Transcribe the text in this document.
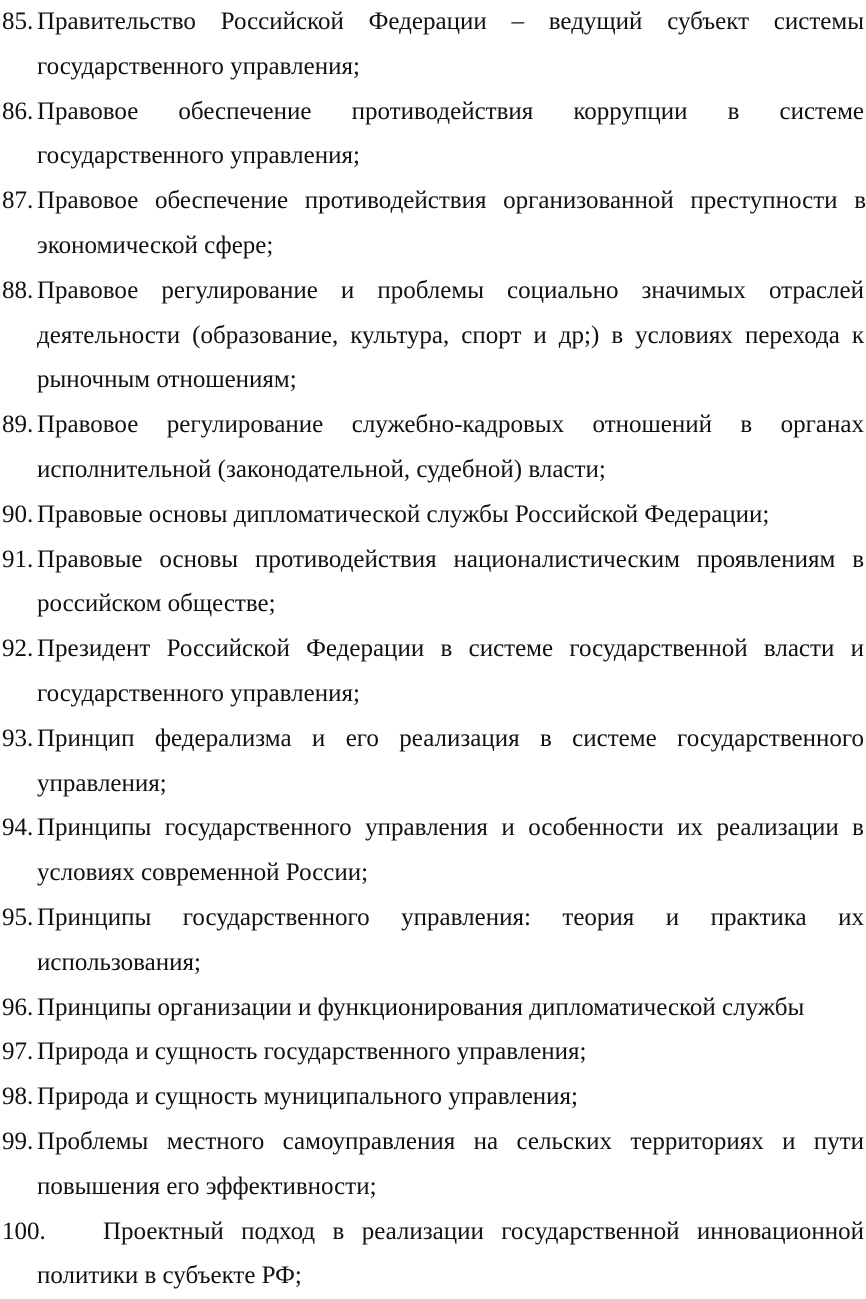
85. Правительство Российской Федерации – ведущий субъект системы государственного управления;
86. Правовое обеспечение противодействия коррупции в системе государственного управления;
87. Правовое обеспечение противодействия организованной преступности в экономической сфере;
88. Правовое регулирование и проблемы социально значимых отраслей деятельности (образование, культура, спорт и др;) в условиях перехода к рыночным отношениям;
89. Правовое регулирование служебно-кадровых отношений в органах исполнительной (законодательной, судебной) власти;
90. Правовые основы дипломатической службы Российской Федерации;
91. Правовые основы противодействия националистическим проявлениям в российском обществе;
92. Президент Российской Федерации в системе государственной власти и государственного управления;
93. Принцип федерализма и его реализация в системе государственного управления;
94. Принципы государственного управления и особенности их реализации в условиях современной России;
95. Принципы государственного управления: теория и практика их использования;
96. Принципы организации и функционирования дипломатической службы
97. Природа и сущность государственного управления;
98. Природа и сущность муниципального управления;
99. Проблемы местного самоуправления на сельских территориях и пути повышения его эффективности;
100.	Проектный подход в реализации государственной инновационной политики в субъекте РФ;
